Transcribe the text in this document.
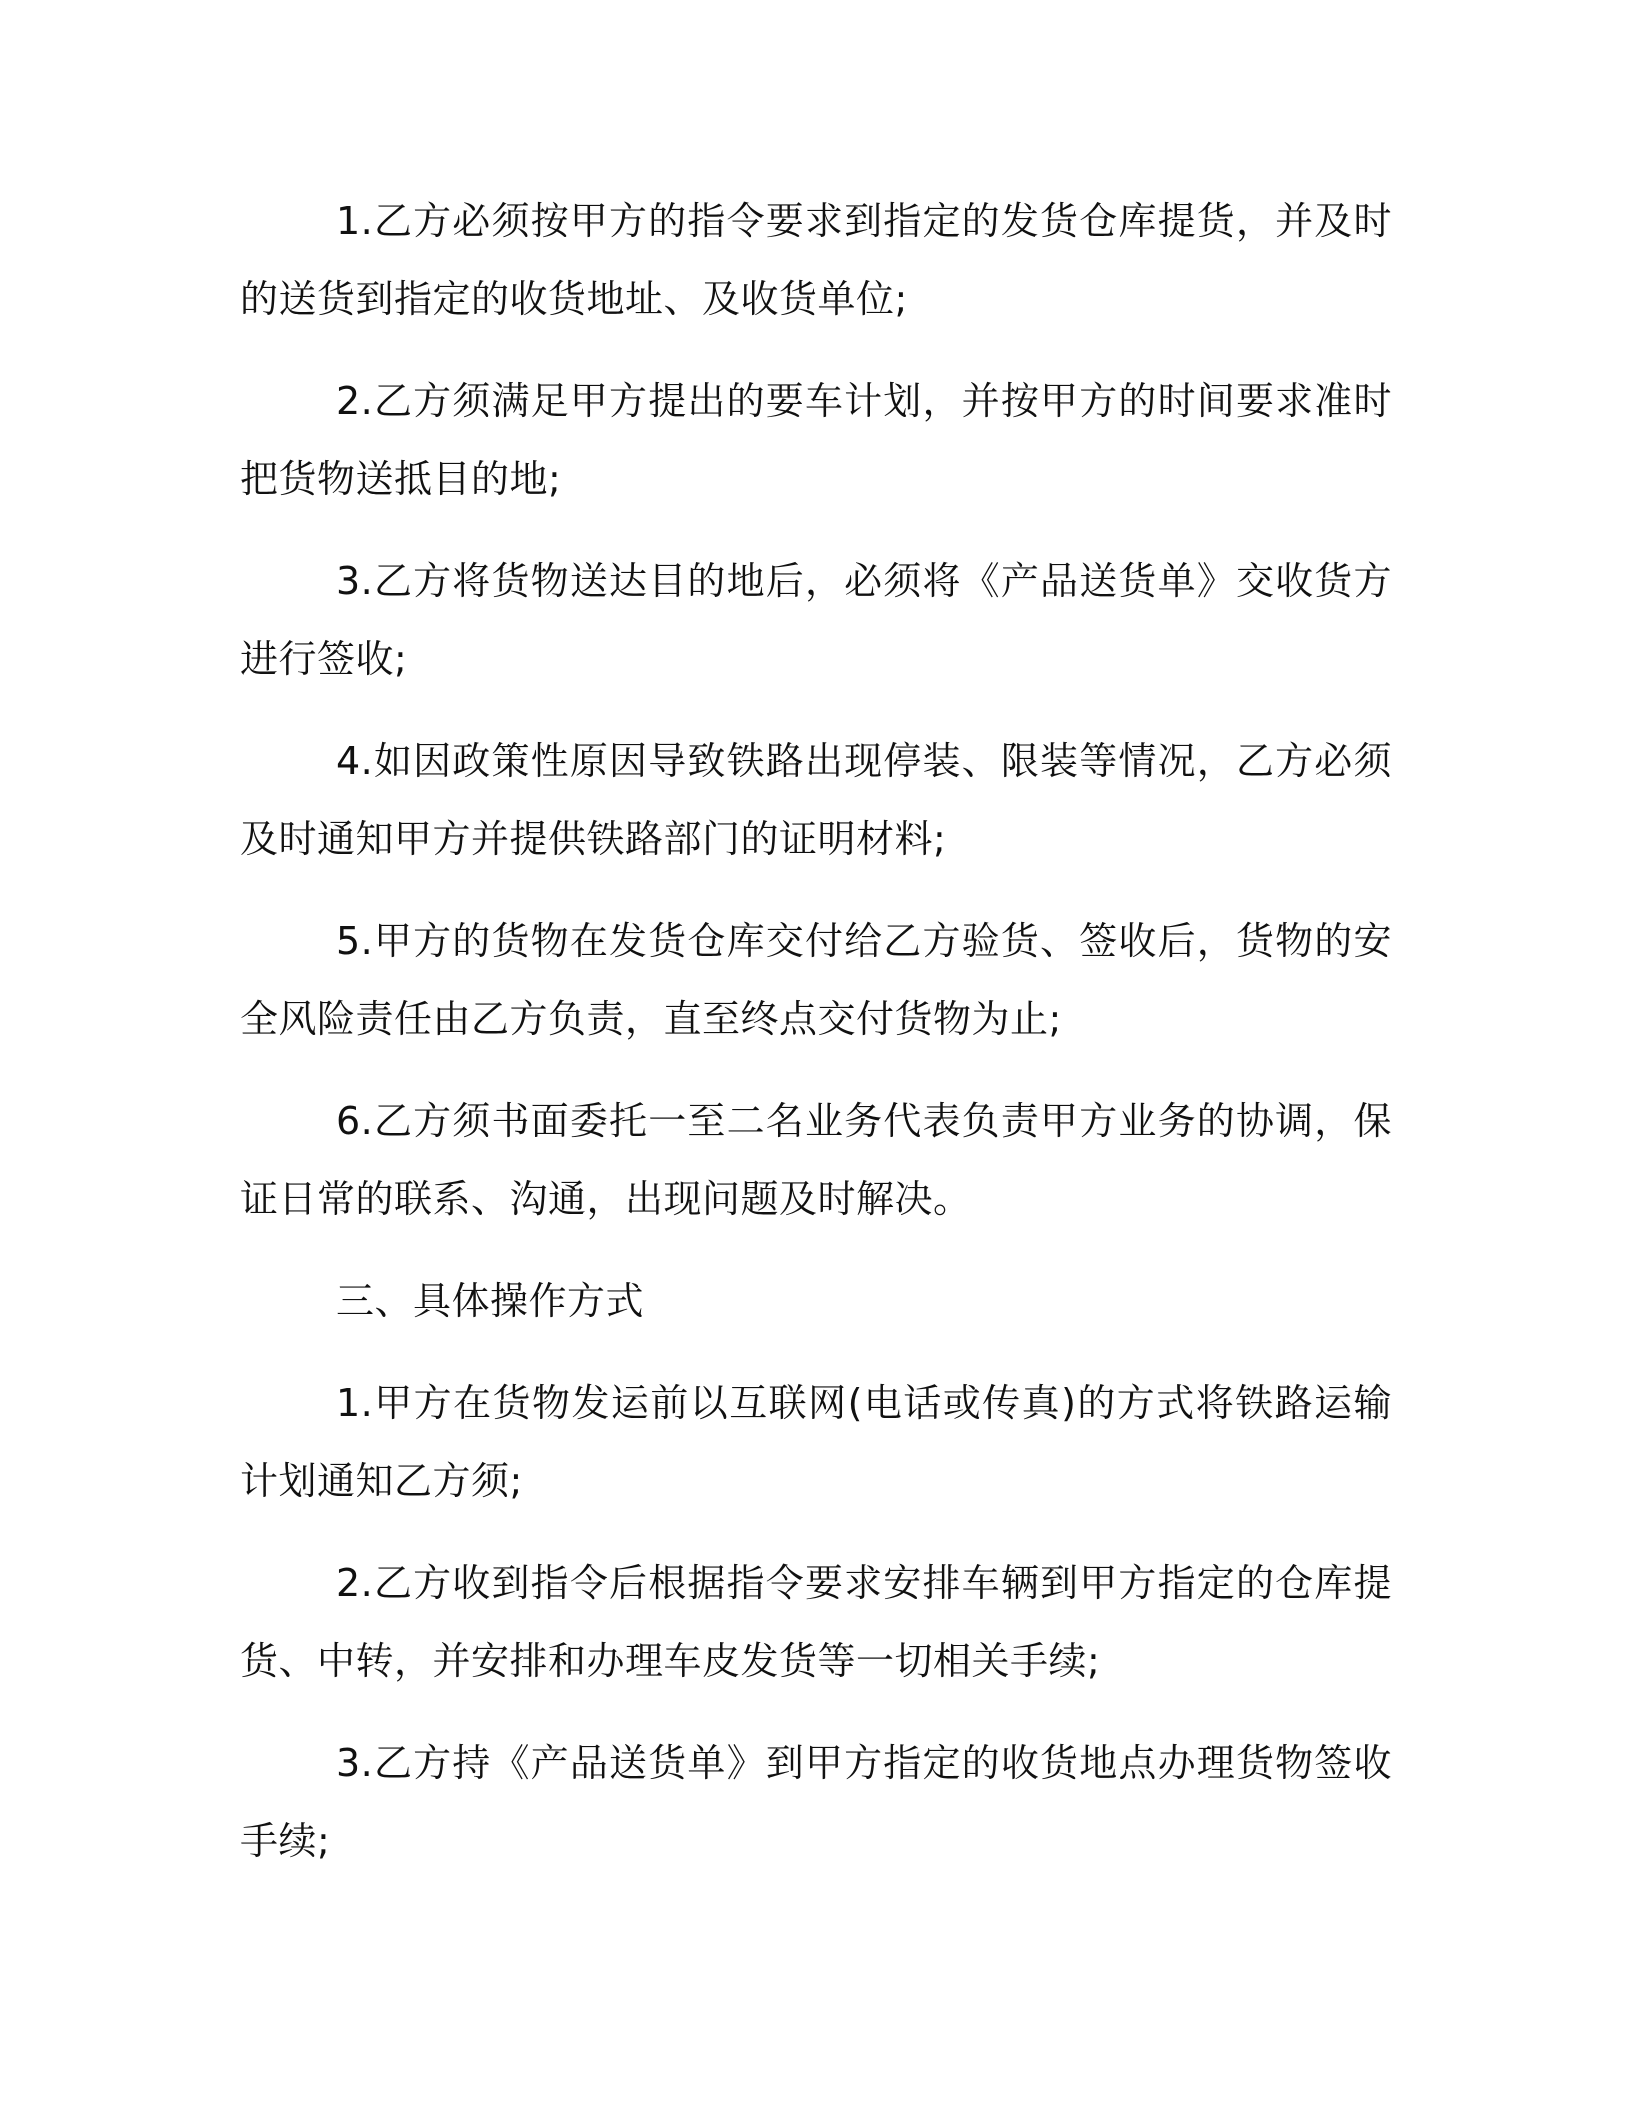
1.乙方必须按甲方的指令要求到指定的发货仓库提货，并及时的送货到指定的收货地址、及收货单位;

2.乙方须满足甲方提出的要车计划，并按甲方的时间要求准时把货物送抵目的地;

3.乙方将货物送达目的地后，必须将《产品送货单》交收货方进行签收;

4.如因政策性原因导致铁路出现停装、限装等情况，乙方必须及时通知甲方并提供铁路部门的证明材料;

5.甲方的货物在发货仓库交付给乙方验货、签收后，货物的安全风险责任由乙方负责，直至终点交付货物为止;

6.乙方须书面委托一至二名业务代表负责甲方业务的协调，保证日常的联系、沟通，出现问题及时解决。

三、具体操作方式

1.甲方在货物发运前以互联网(电话或传真)的方式将铁路运输计划通知乙方须;

2.乙方收到指令后根据指令要求安排车辆到甲方指定的仓库提货、中转，并安排和办理车皮发货等一切相关手续;

3.乙方持《产品送货单》到甲方指定的收货地点办理货物签收手续;
